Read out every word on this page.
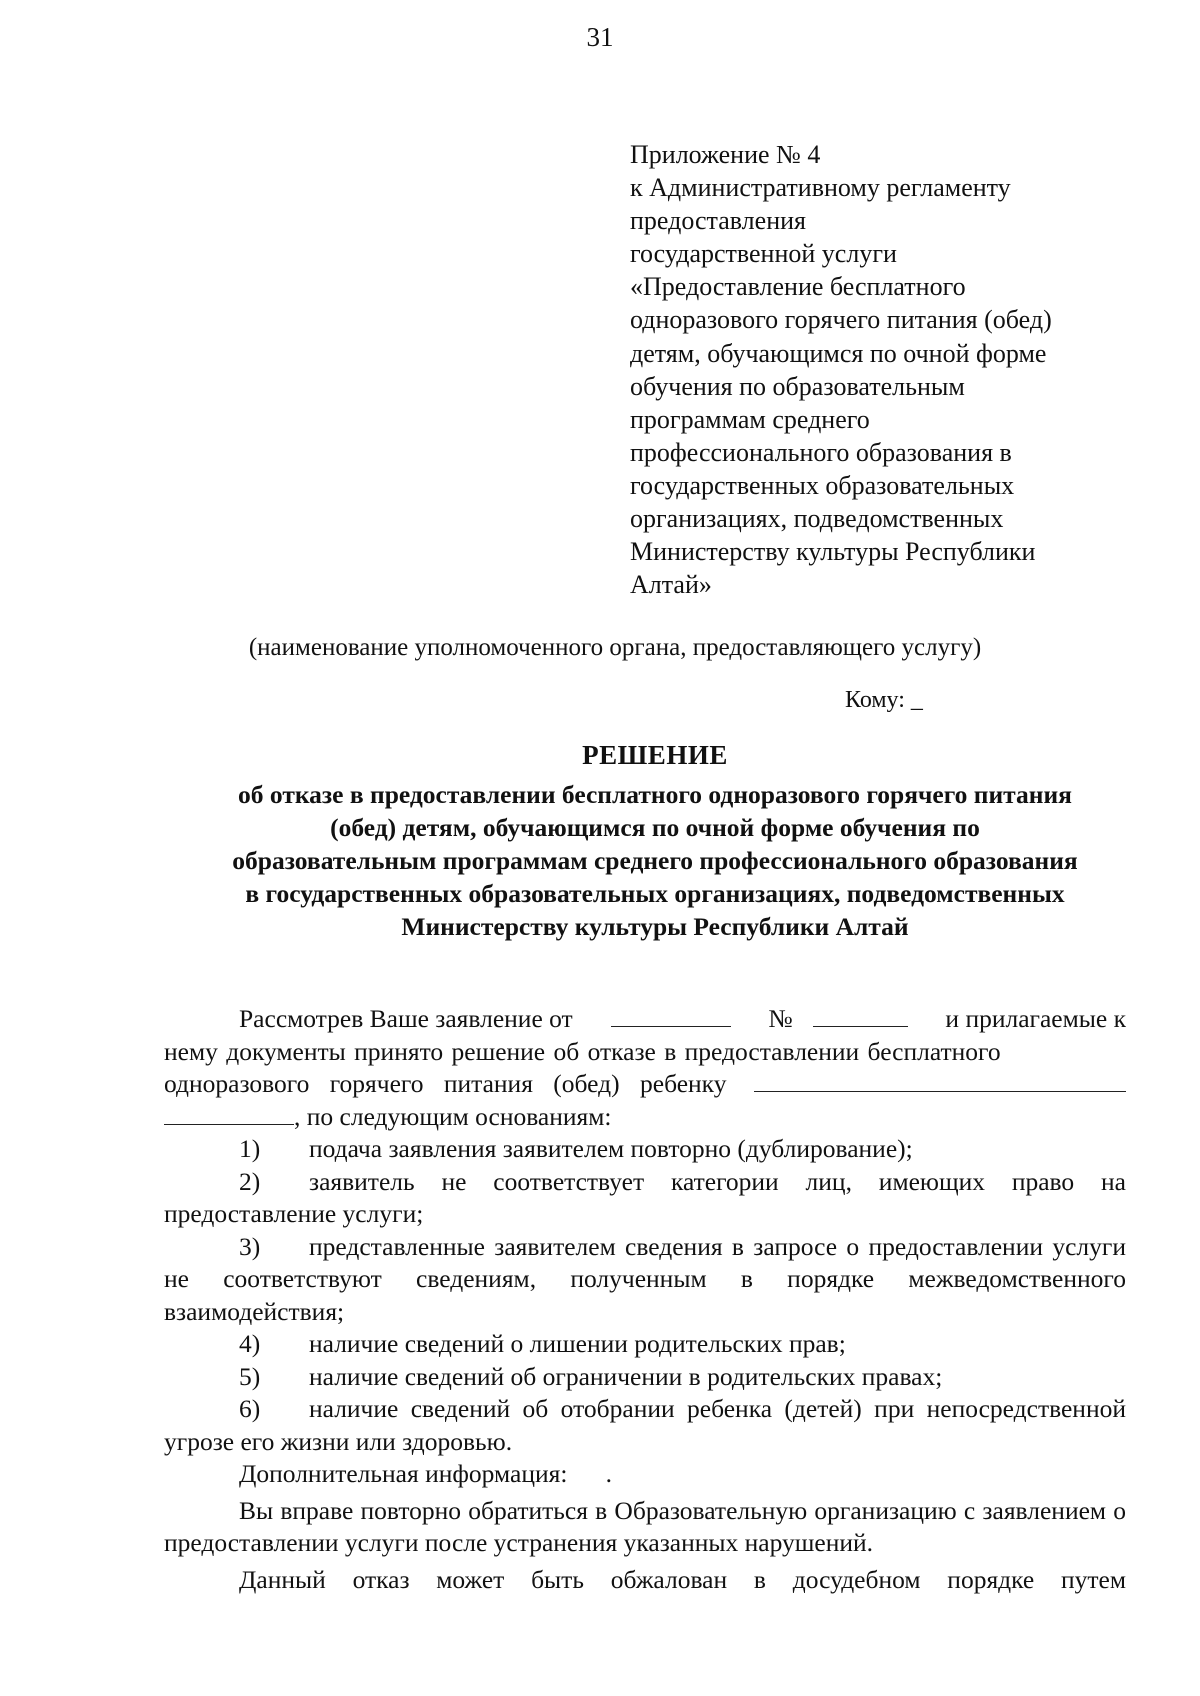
31
Приложение № 4
к Административному регламенту
предоставления
государственной услуги
«Предоставление бесплатного
одноразового горячего питания (обед)
детям, обучающимся по очной форме
обучения по образовательным
программам среднего
профессионального образования в
государственных образовательных
организациях, подведомственных
Министерству культуры Республики
Алтай»
(наименование уполномоченного органа, предоставляющего услугу)
Кому: _
РЕШЕНИЕ
об отказе в предоставлении бесплатного одноразового горячего питания
(обед) детям, обучающимся по очной форме обучения по
образовательным программам среднего профессионального образования
в государственных образовательных организациях, подведомственных
Министерству культуры Республики Алтай
Рассмотрев Ваше заявление от	№	и прилагаемые к
нему документы принято решение об отказе в предоставлении бесплатного
одноразового горячего питания (обед) ребенку
, по следующим основаниям:

1) подача заявления заявителем повторно (дублирование);

2) заявитель не соответствует категории лиц, имеющих право на предоставление услуги;

3) представленные заявителем сведения в запросе о предоставлении услуги не соответствуют сведениям, полученным в порядке межведомственного взаимодействия;

4) наличие сведений о лишении родительских прав;

5) наличие сведений об ограничении в родительских правах;

6) наличие сведений об отобрании ребенка (детей) при непосредственной угрозе его жизни или здоровью.

Дополнительная информация:      .

Вы вправе повторно обратиться в Образовательную организацию с заявлением о предоставлении услуги после устранения указанных нарушений.

Данный отказ может быть обжалован в досудебном порядке путем
